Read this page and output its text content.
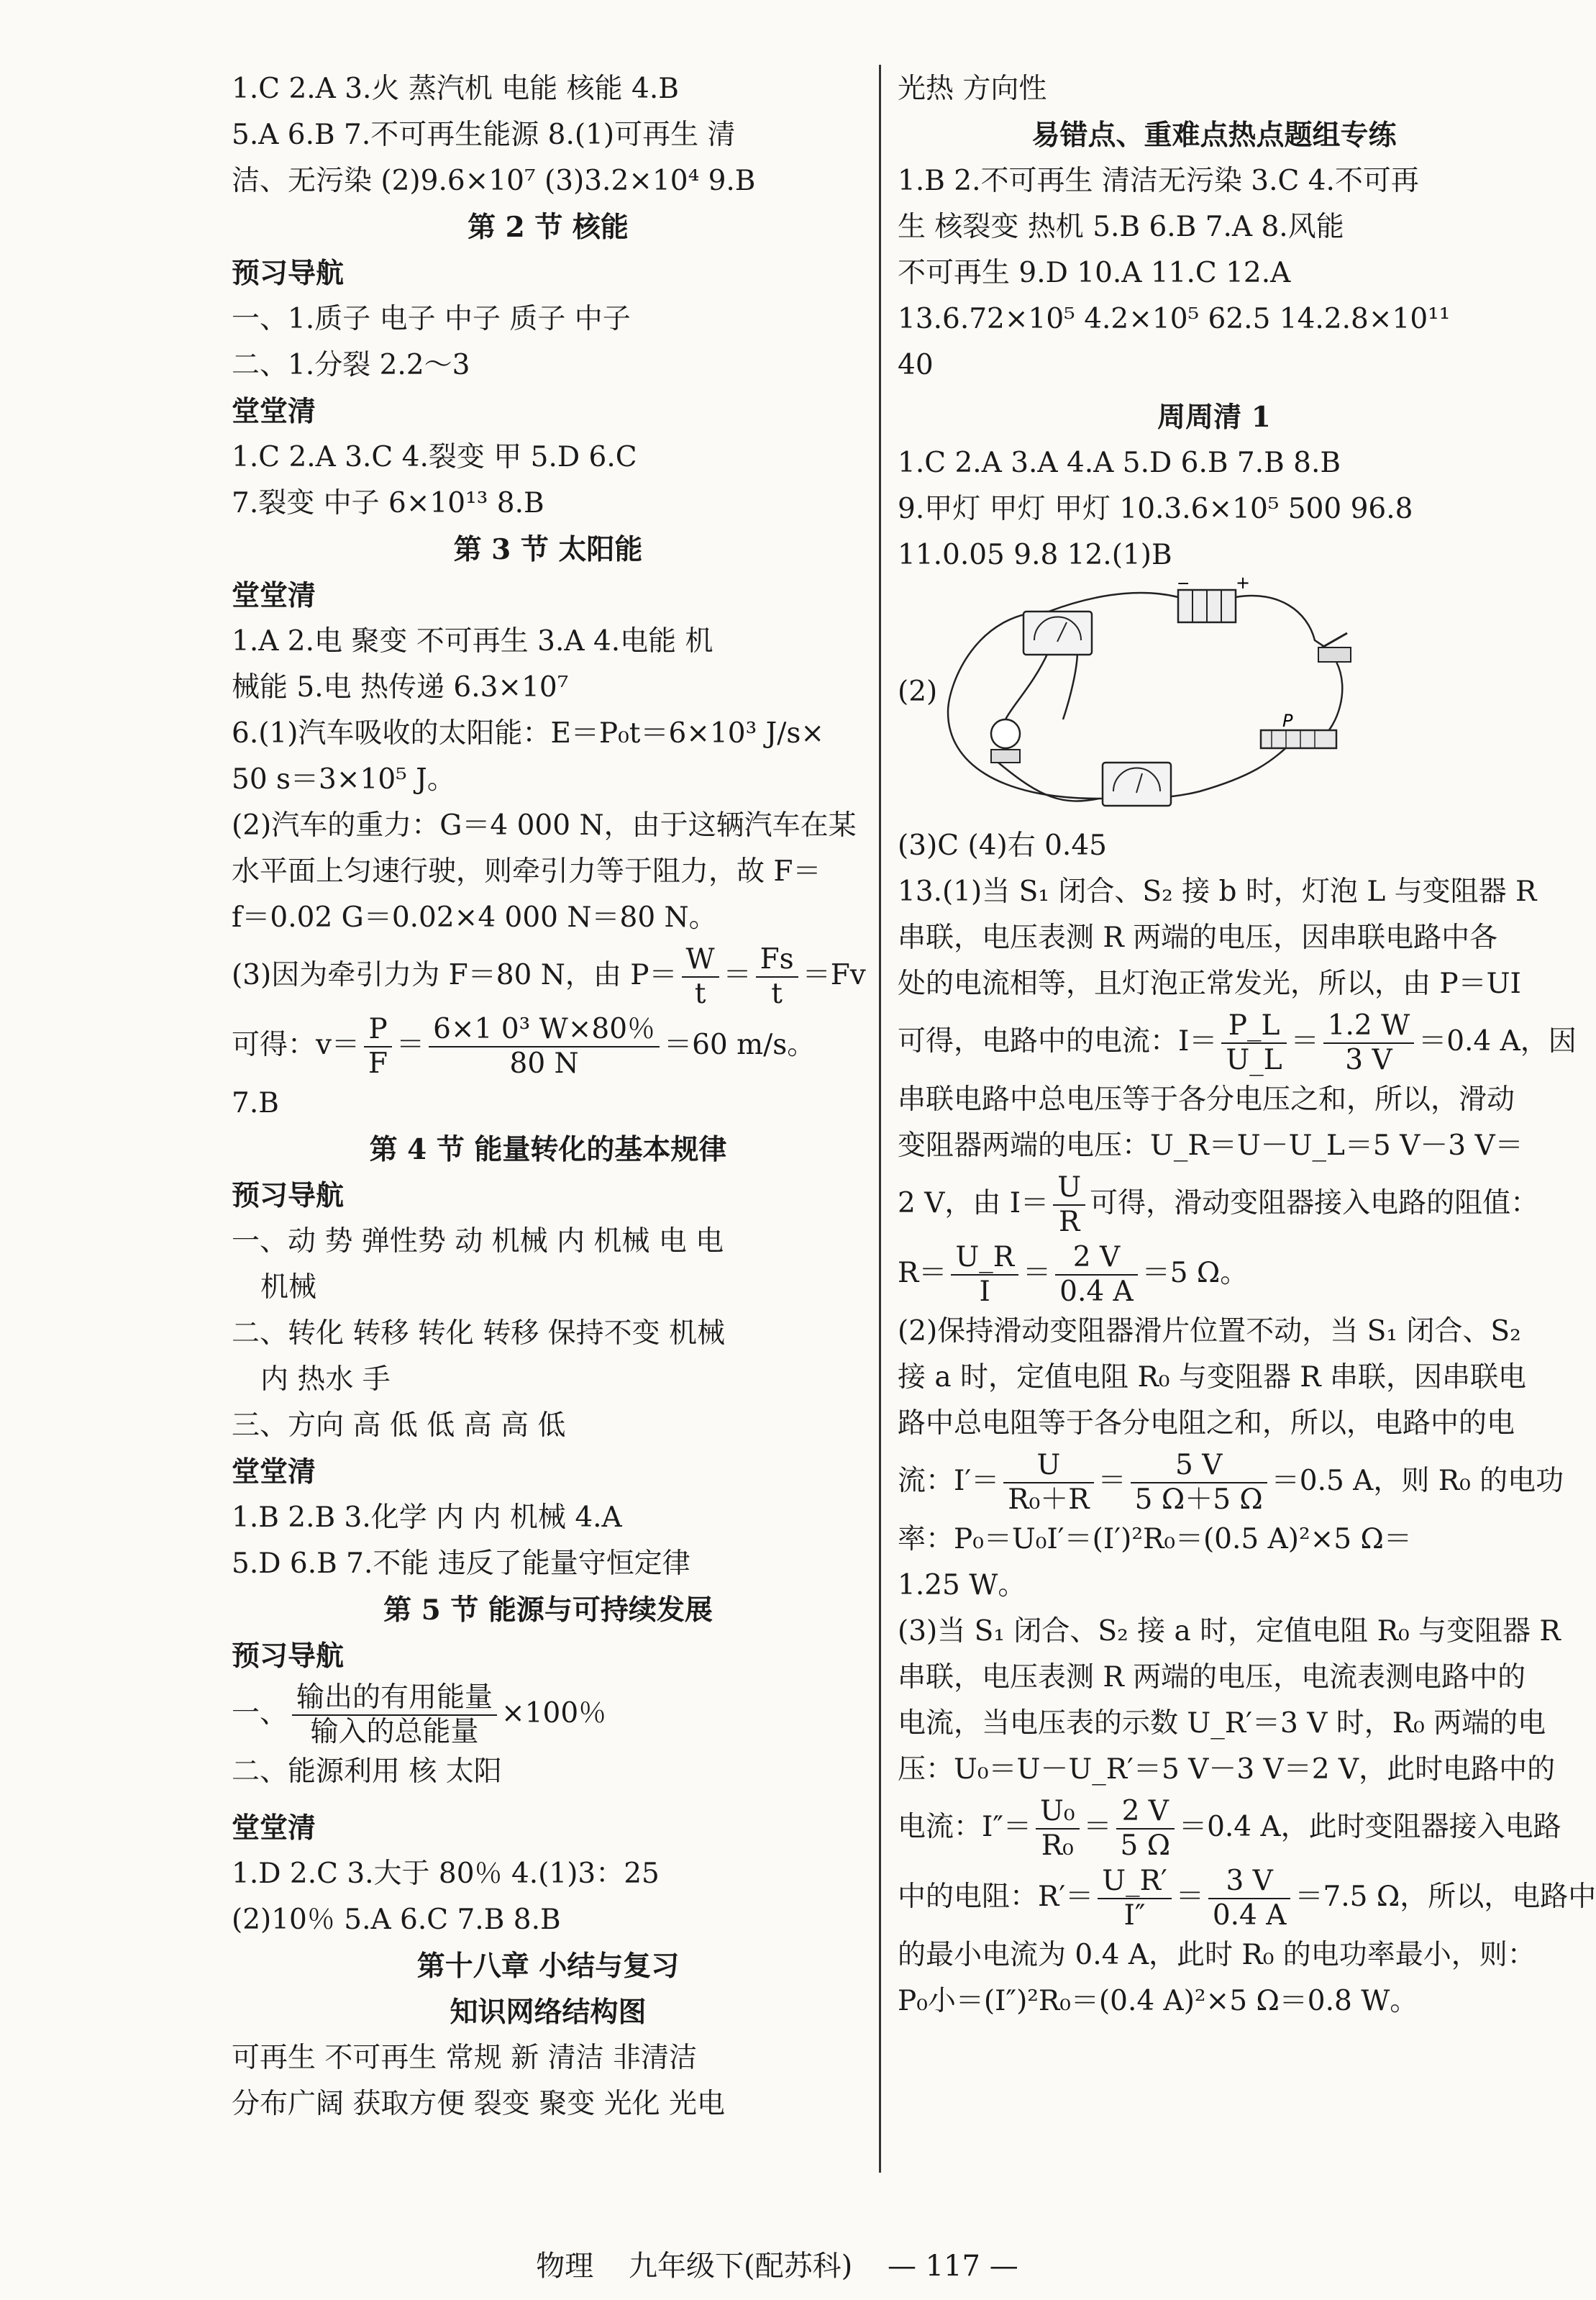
1.C 2.A 3.火 蒸汽机 电能 核能 4.B
5.A 6.B 7.不可再生能源 8.(1)可再生 清
洁、无污染 (2)9.6×10⁷ (3)3.2×10⁴ 9.B
第 2 节 核能
预习导航
一、1.质子 电子 中子 质子 中子
二、1.分裂 2.2～3
堂堂清
1.C 2.A 3.C 4.裂变 甲 5.D 6.C
7.裂变 中子 6×10¹³ 8.B
第 3 节 太阳能
堂堂清
1.A 2.电 聚变 不可再生 3.A 4.电能 机
械能 5.电 热传递 6.3×10⁷
6.(1)汽车吸收的太阳能：E＝P₀t＝6×10³ J/s×
50 s＝3×10⁵ J。
(2)汽车的重力：G＝4 000 N，由于这辆汽车在某
水平面上匀速行驶，则牵引力等于阻力，故 F＝
f＝0.02 G＝0.02×4 000 N＝80 N。
(3)因为牵引力为 F＝80 N，由 $P= \frac{W}{t} = \frac{Fs}{t} =Fv$
可得：$v= \frac{P}{F} = \frac{\text{6×1 0³ W×80％}}{80 N} =60$ m/s。
7.B
第 4 节 能量转化的基本规律
预习导航
一、动 势 弹性势 动 机械 内 机械 电 电
机械
二、转化 转移 转化 转移 保持不变 机械
内 热水 手
三、方向 高 低 低 高 高 低
堂堂清
1.B 2.B 3.化学 内 内 机械 4.A
5.D 6.B 7.不能 违反了能量守恒定律
第 5 节 能源与可持续发展
预习导航
一、 $\frac{\text{输出的有用能量}}{\text{输入的总能量}} \times 100$％
二、能源利用 核 太阳
堂堂清
1.D 2.C 3.大于 80％ 4.(1)3：25
(2)10％ 5.A 6.C 7.B 8.B
第十八章 小结与复习
知识网络结构图
可再生 不可再生 常规 新 清洁 非清洁
分布广阔 获取方便 裂变 聚变 光化 光电
光热 方向性
易错点、重难点热点题组专练
1.B 2.不可再生 清洁无污染 3.C 4.不可再
生 核裂变 热机 5.B 6.B 7.A 8.风能
不可再生 9.D 10.A 11.C 12.A
13.6.72×10⁵ 4.2×10⁵ 62.5 14.2.8×10¹¹
40
周周清 1
1.C 2.A 3.A 4.A 5.D 6.B 7.B 8.B
9.甲灯 甲灯 甲灯 10.3.6×10⁵ 500 96.8
11.0.05 9.8 12.(1)B
(2)
−	+
P
(3)C (4)右 0.45
13.(1)当 S₁ 闭合、S₂ 接 b 时，灯泡 L 与变阻器 R
串联，电压表测 R 两端的电压，因串联电路中各
处的电流相等，且灯泡正常发光，所以，由 P＝UI
可得，电路中的电流：$I= \frac{P\_L}{U\_L} = \frac{1.2 W}{3 V} =0.4$ A，因
串联电路中总电压等于各分电压之和，所以，滑动
变阻器两端的电压：U_R＝U－U_L＝5 V－3 V＝
2 V，由 $I= \frac{U}{R}$ 可得，滑动变阻器接入电路的阻值：
$R= \frac{U\_R}{I} = \frac{2 V}{0.4 A} =5$ Ω。
(2)保持滑动变阻器滑片位置不动，当 S₁ 闭合、S₂
接 a 时，定值电阻 R₀ 与变阻器 R 串联，因串联电
路中总电阻等于各分电阻之和，所以，电路中的电
流：$I'= \frac{U}{\text{R₀＋R}} = \frac{5 V}{5 \Omega+5 \Omega} =0.5$ A，则 R₀ 的电功
率：P₀＝U₀I′＝(I′)²R₀＝(0.5 A)²×5 Ω＝
1.25 W。
(3)当 S₁ 闭合、S₂ 接 a 时，定值电阻 R₀ 与变阻器 R
串联，电压表测 R 两端的电压，电流表测电路中的
电流，当电压表的示数 U_R′＝3 V 时，R₀ 两端的电
压：U₀＝U－U_R′＝5 V－3 V＝2 V，此时电路中的
电流：$I''= \frac{\text{U₀}}{\text{R₀}} = \frac{2 V}{5 \Omega} =0.4$ A，此时变阻器接入电路
中的电阻：$R'= \frac{U\_R'}{I''} = \frac{3 V}{0.4 A} =7.5$ Ω，所以，电路中
的最小电流为 0.4 A，此时 R₀ 的电功率最小，则：
P₀小＝(I″)²R₀＝(0.4 A)²×5 Ω＝0.8 W。
物理 九年级下(配苏科) — 117 —
